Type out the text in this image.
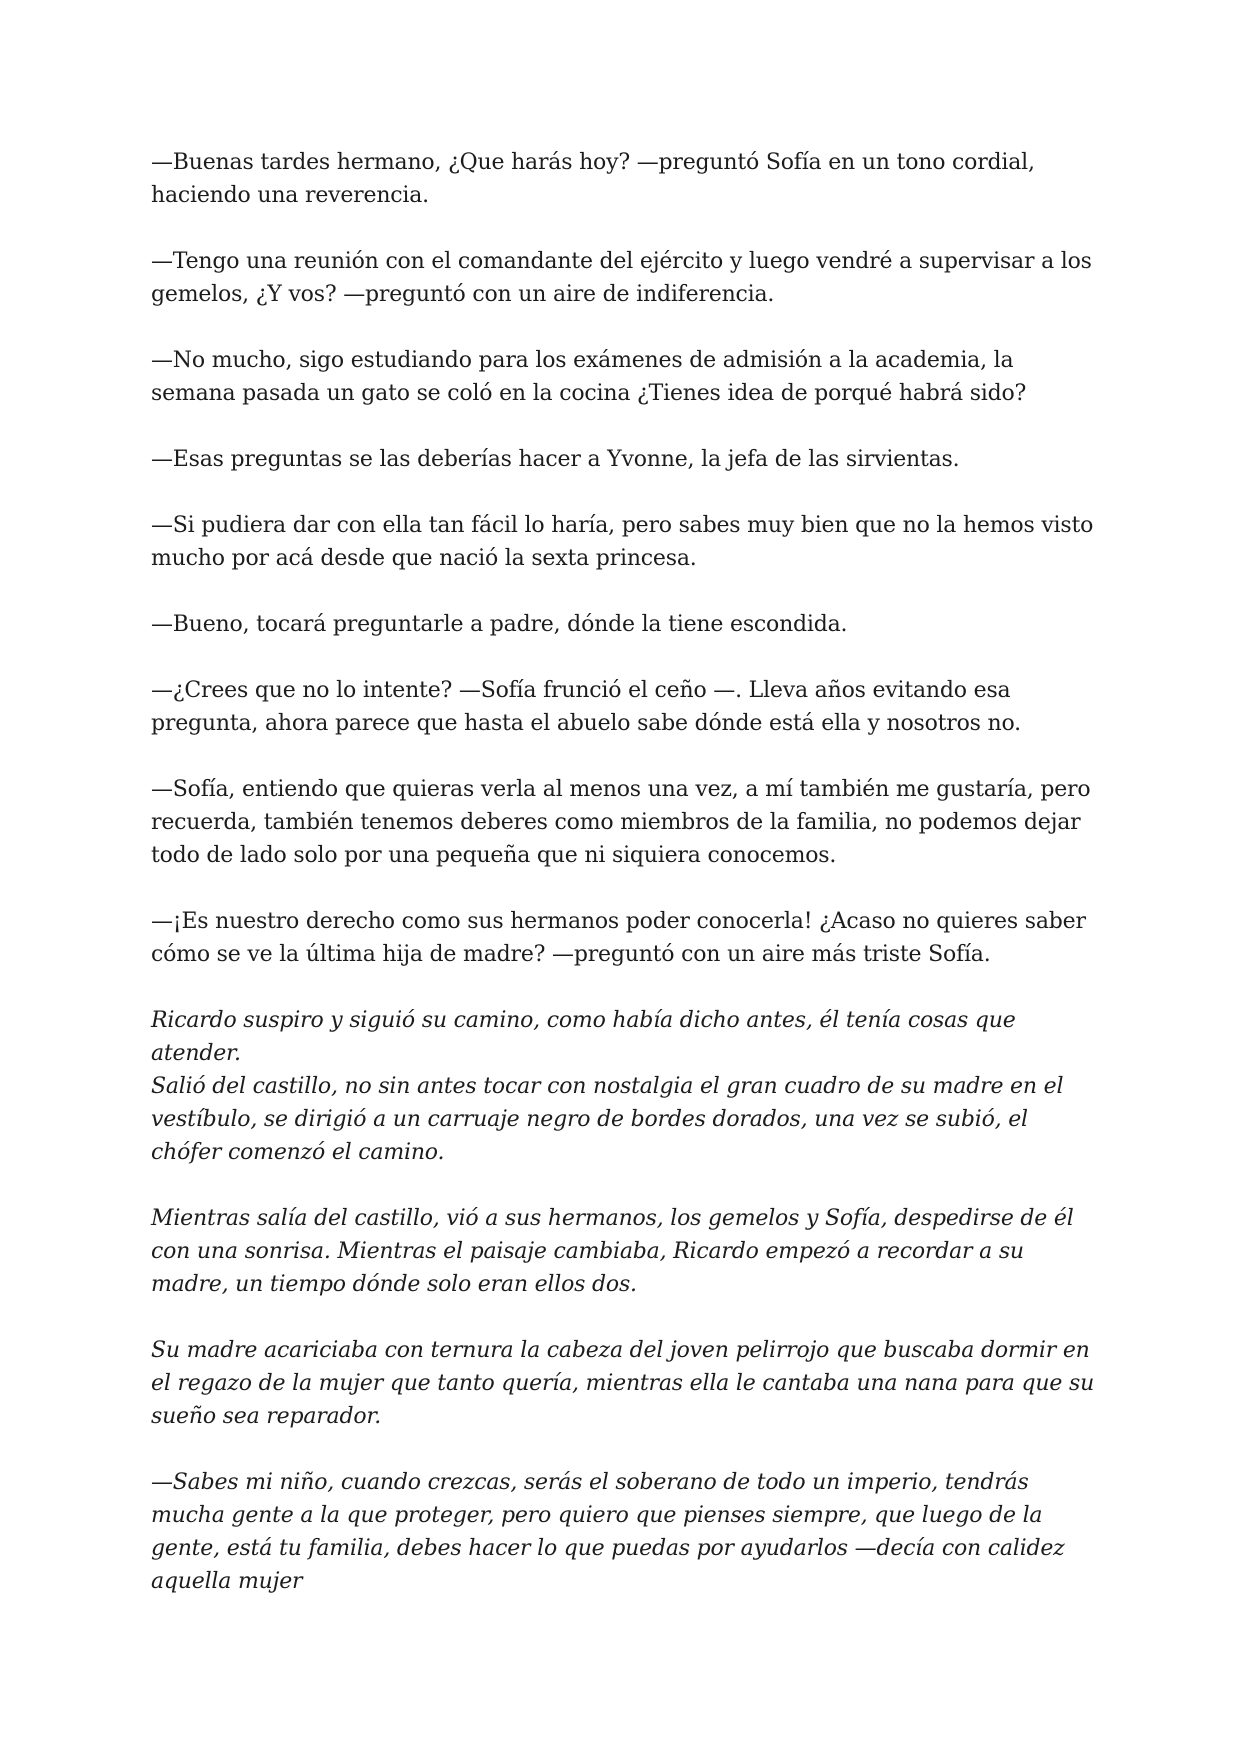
—Buenas tardes hermano, ¿Que harás hoy? —preguntó Sofía en un tono cordial, haciendo una reverencia.

—Tengo una reunión con el comandante del ejército y luego vendré a supervisar a los gemelos, ¿Y vos? —preguntó con un aire de indiferencia.

—No mucho, sigo estudiando para los exámenes de admisión a la academia, la semana pasada un gato se coló en la cocina ¿Tienes idea de porqué habrá sido?

—Esas preguntas se las deberías hacer a Yvonne, la jefa de las sirvientas.

—Si pudiera dar con ella tan fácil lo haría, pero sabes muy bien que no la hemos visto mucho por acá desde que nació la sexta princesa.

—Bueno, tocará preguntarle a padre, dónde la tiene escondida.

—¿Crees que no lo intente? —Sofía frunció el ceño —. Lleva años evitando esa pregunta, ahora parece que hasta el abuelo sabe dónde está ella y nosotros no.

—Sofía, entiendo que quieras verla al menos una vez, a mí también me gustaría, pero recuerda, también tenemos deberes como miembros de la familia, no podemos dejar todo de lado solo por una pequeña que ni siquiera conocemos.

—¡Es nuestro derecho como sus hermanos poder conocerla! ¿Acaso no quieres saber cómo se ve la última hija de madre? —preguntó con un aire más triste Sofía.

Ricardo suspiro y siguió su camino, como había dicho antes, él tenía cosas que atender.

Salió del castillo, no sin antes tocar con nostalgia el gran cuadro de su madre en el vestíbulo, se dirigió a un carruaje negro de bordes dorados, una vez se subió, el chófer comenzó el camino.

Mientras salía del castillo, vió a sus hermanos, los gemelos y Sofía, despedirse de él con una sonrisa. Mientras el paisaje cambiaba, Ricardo empezó a recordar a su madre, un tiempo dónde solo eran ellos dos.

Su madre acariciaba con ternura la cabeza del joven pelirrojo que buscaba dormir en el regazo de la mujer que tanto quería, mientras ella le cantaba una nana para que su sueño sea reparador.

—Sabes mi niño, cuando crezcas, serás el soberano de todo un imperio, tendrás mucha gente a la que proteger, pero quiero que pienses siempre, que luego de la gente, está tu familia, debes hacer lo que puedas por ayudarlos —decía con calidez aquella mujer
